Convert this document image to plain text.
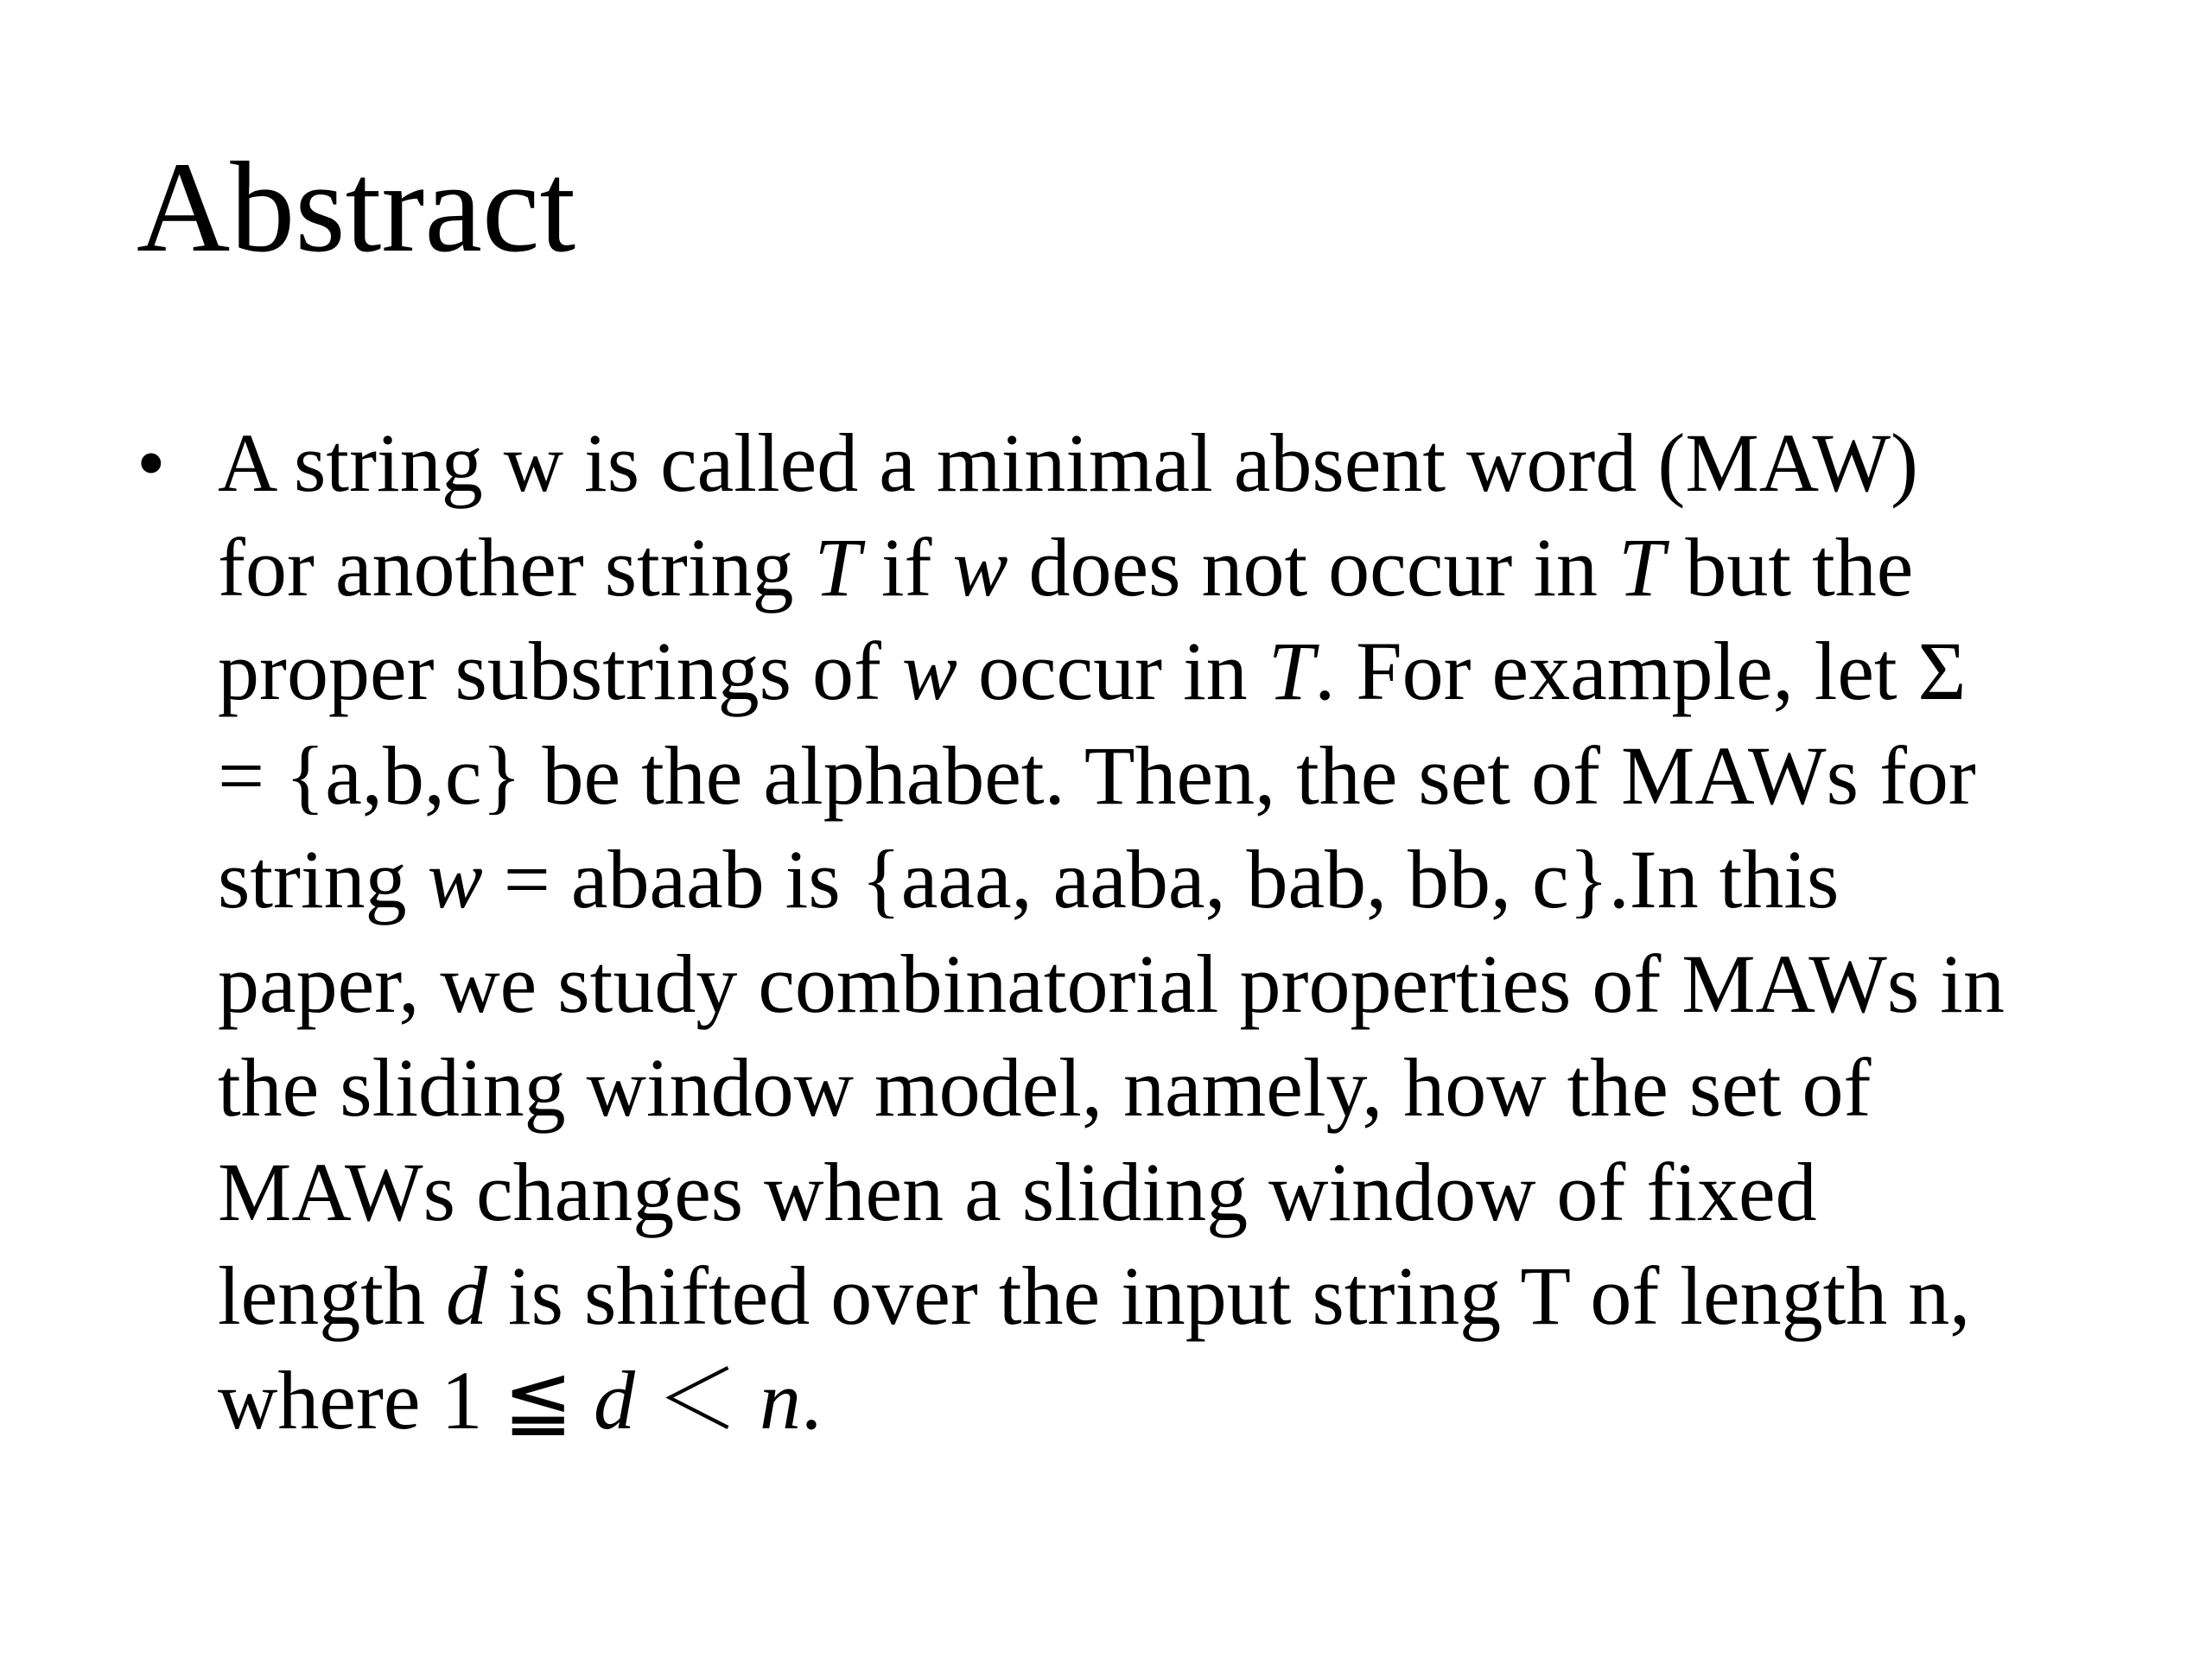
Abstract
• A string w is called a minimal absent word (MAW)
for another string T if w does not occur in T but the
proper substrings of w occur in T. For example, let Σ
= {a,b,c} be the alphabet. Then, the set of MAWs for
string w = abaab is {aaa, aaba, bab, bb, c}.In this
paper, we study combinatorial properties of MAWs in
the sliding window model, namely, how the set of
MAWs changes when a sliding window of fixed
length d is shifted over the input string T of length n,
where 1 ≦ d ＜ n.
